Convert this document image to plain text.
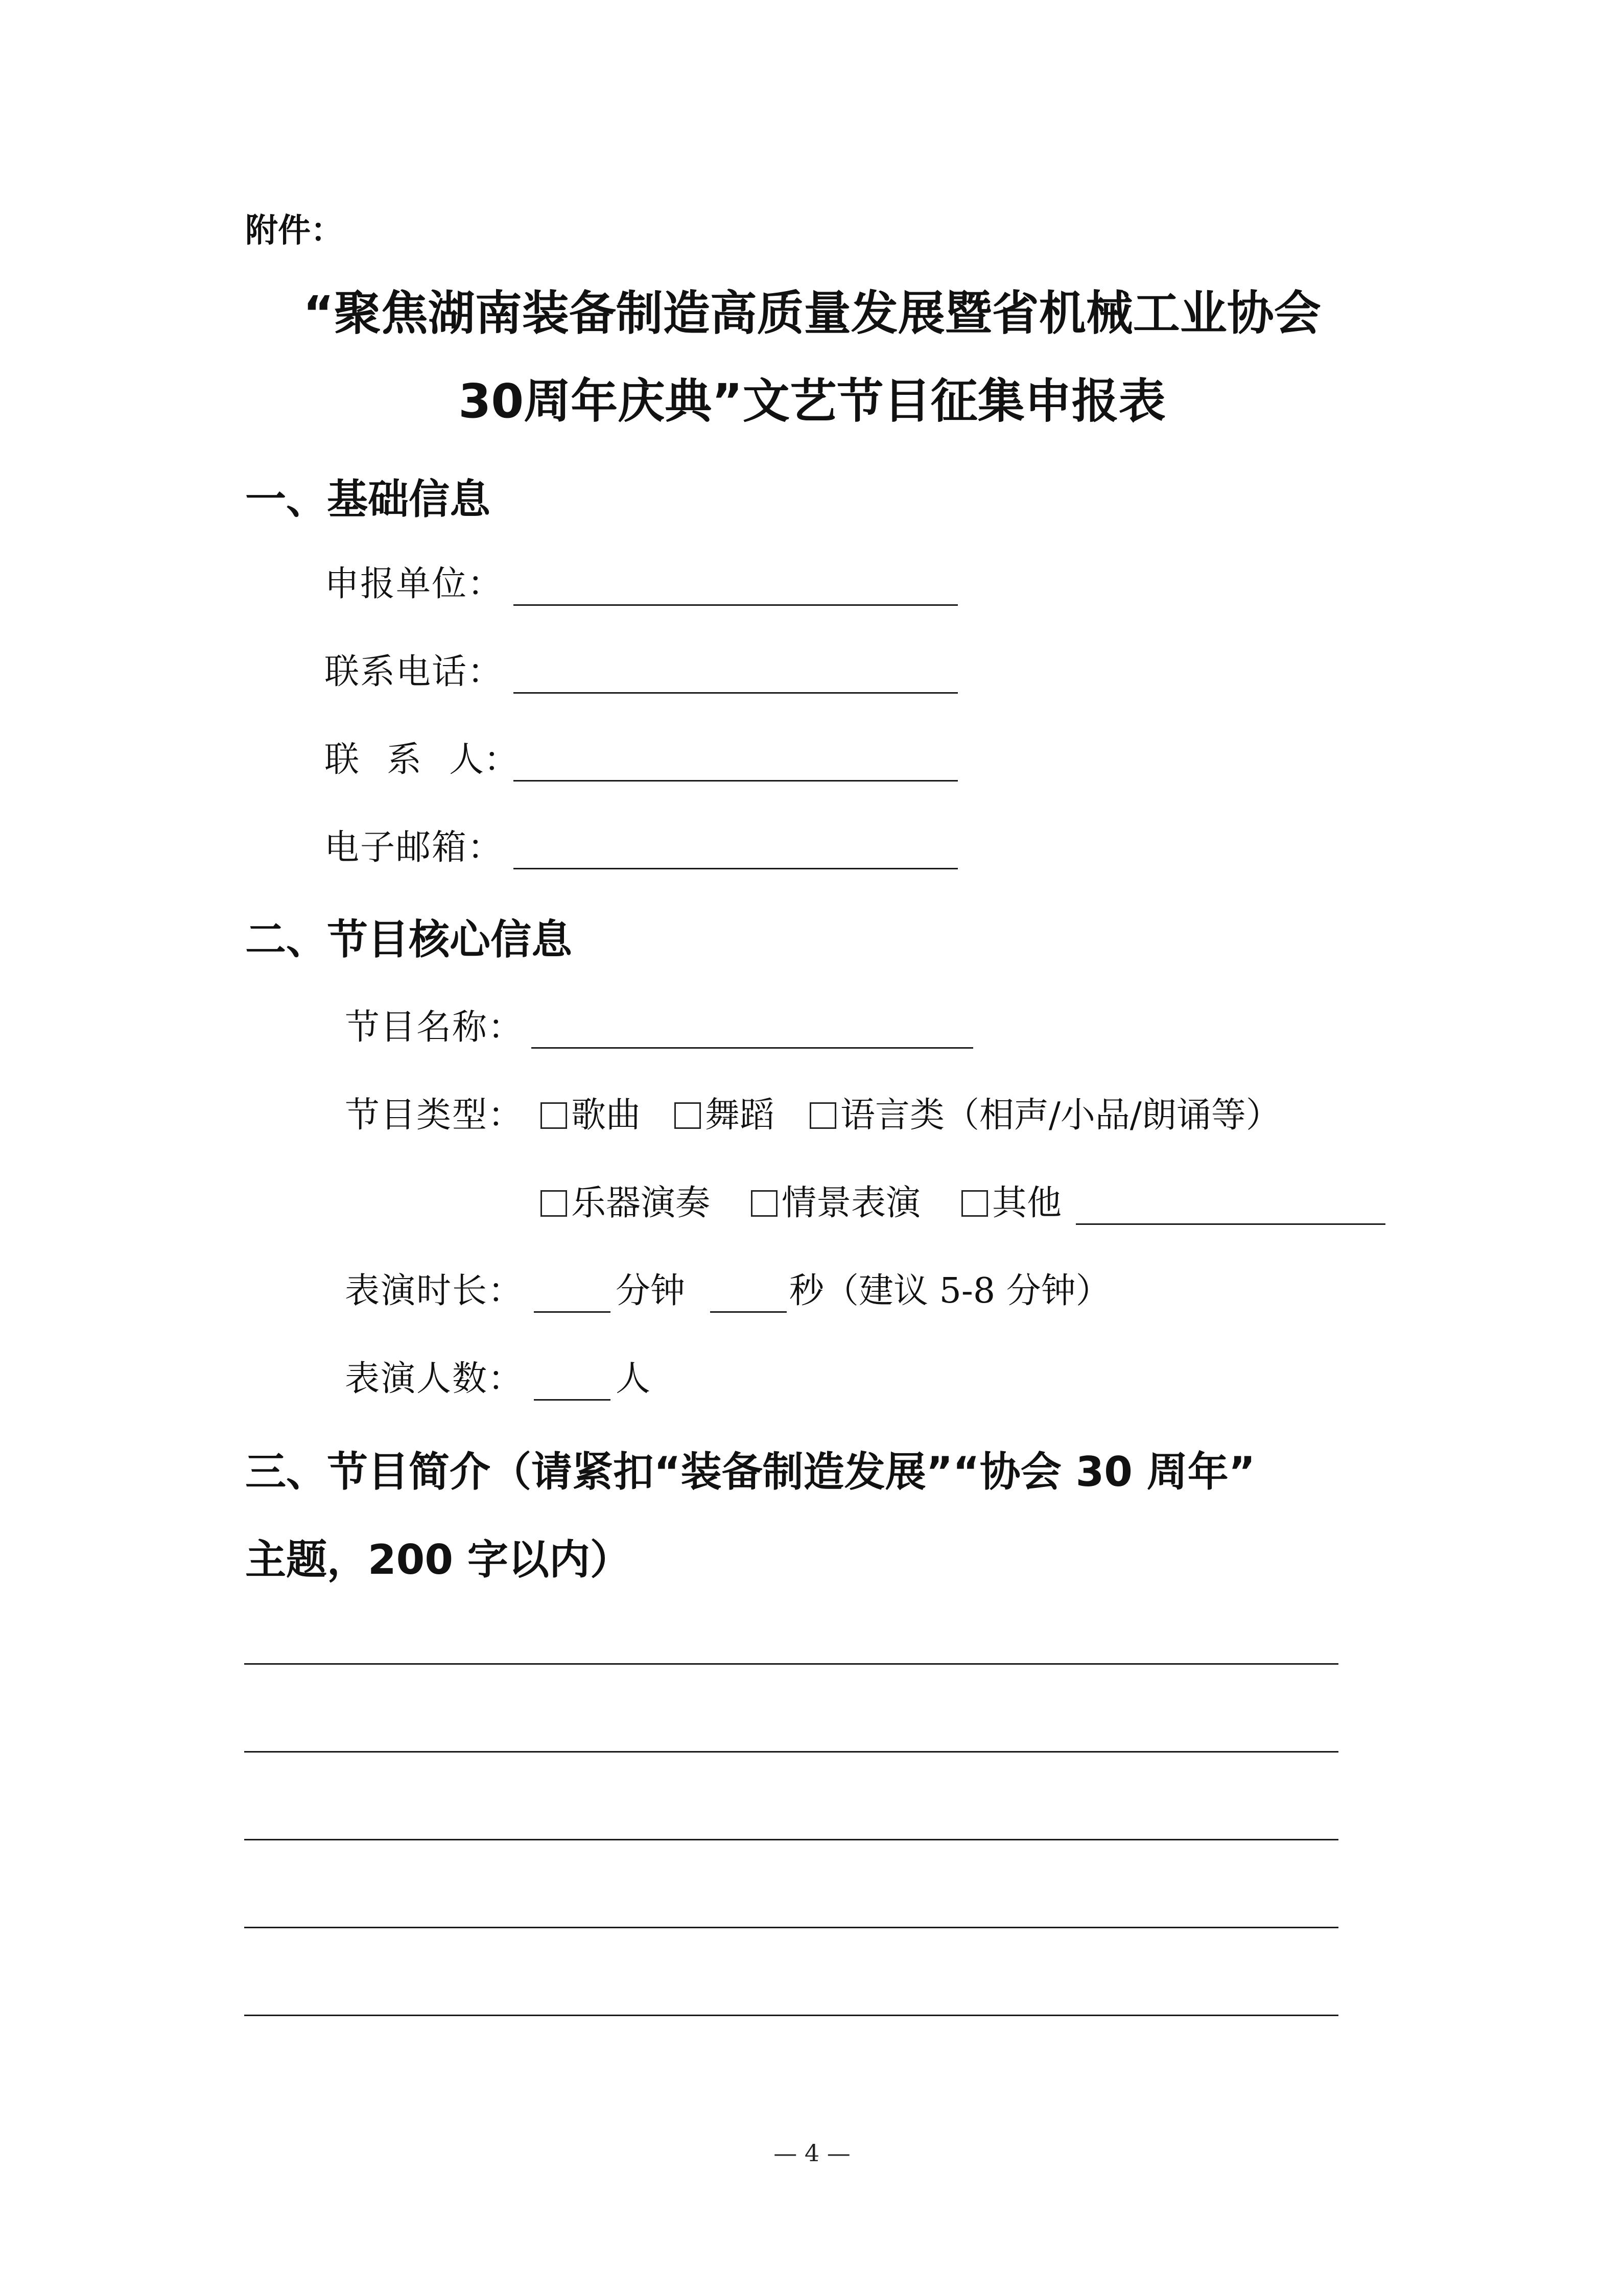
附件：
“聚焦湖南装备制造高质量发展暨省机械工业协会
30周年庆典”文艺节目征集申报表
一、基础信息
申报单位：
联系电话：
联 系 人：
电子邮箱：
二、节目核心信息
节目名称：
节目类型：	歌曲	舞蹈	语言类（相声/小品/朗诵等）
乐器演奏	情景表演	其他
表演时长：	分钟	秒（建议 5-8 分钟）
表演人数：	人
三、节目简介（请紧扣“装备制造发展”“协会 30 周年”
主题，200 字以内）
— 4 —
